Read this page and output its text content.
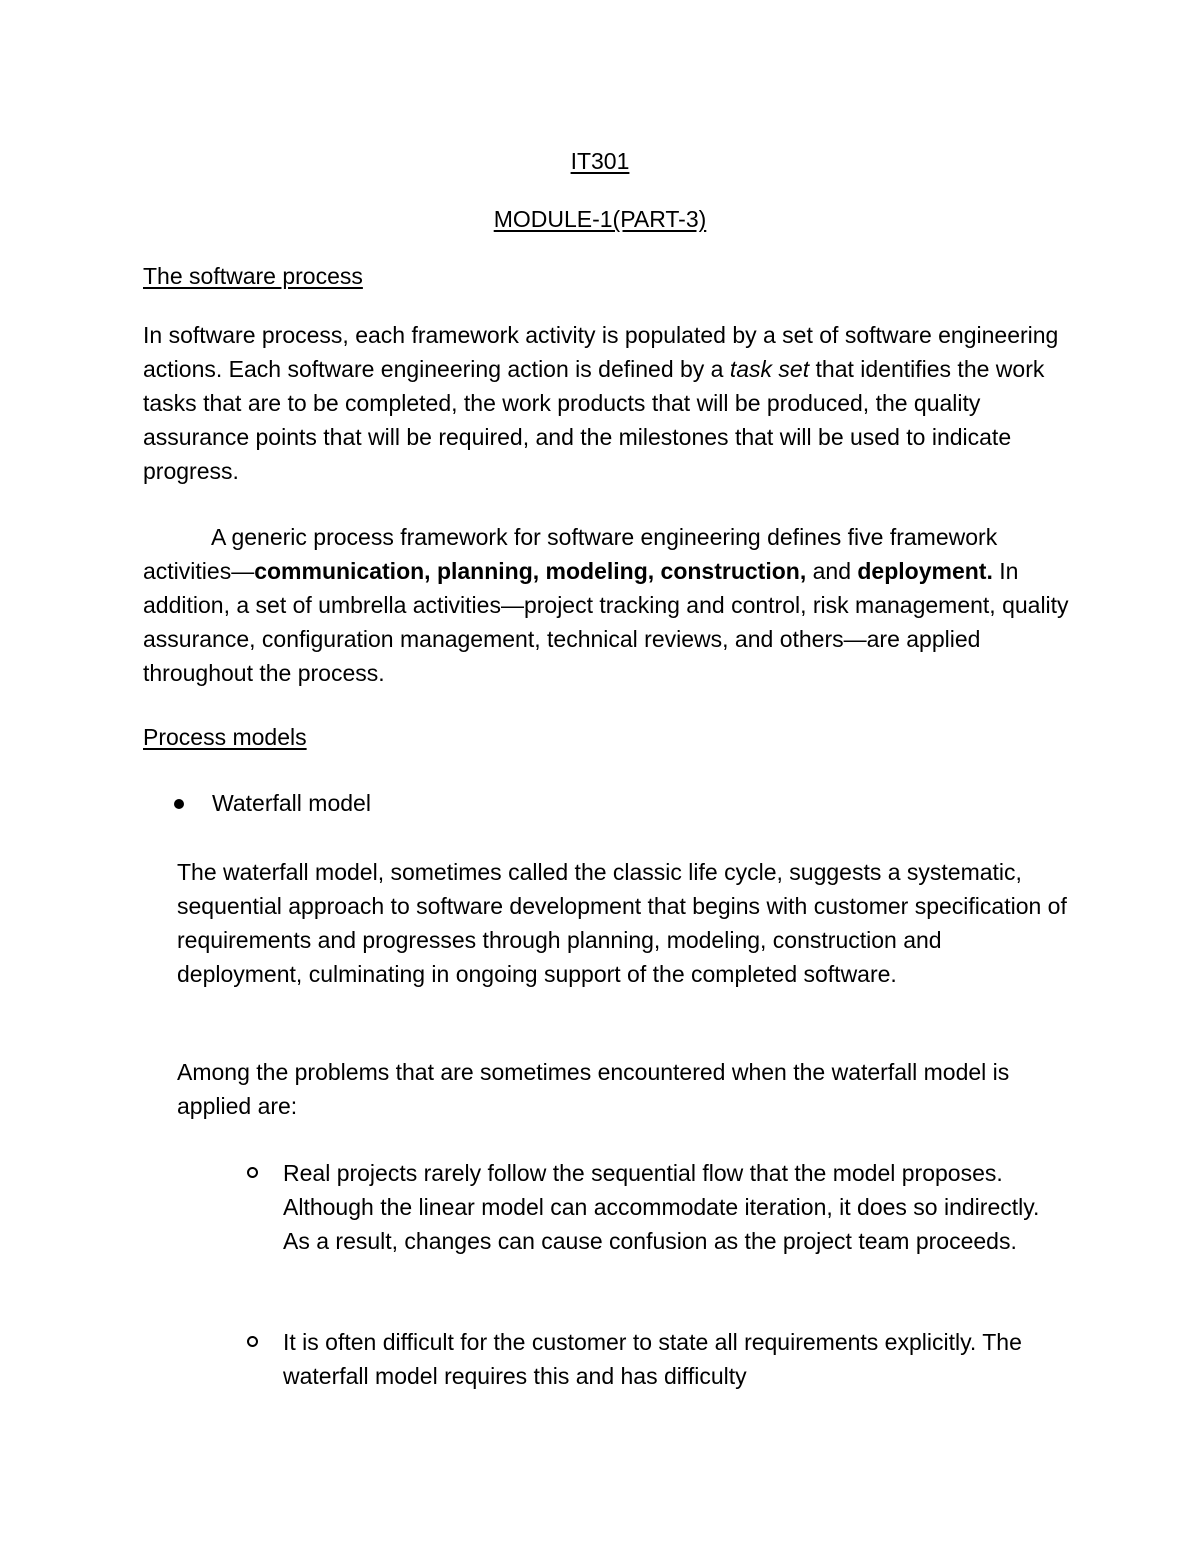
IT301
MODULE-1(PART-3)
The software process

In software process, each framework activity is populated by a set of software engineering actions. Each software engineering action is defined by a task set that identifies the work tasks that are to be completed, the work products that will be produced, the quality assurance points that will be required, and the milestones that will be used to indicate progress.

A generic process framework for software engineering defines five framework activities—communication, planning, modeling, construction, and deployment. In addition, a set of umbrella activities—project tracking and control, risk management, quality assurance, configuration management, technical reviews, and others—are applied throughout the process.

Process models
Waterfall model

The waterfall model, sometimes called the classic life cycle, suggests a systematic, sequential approach to software development that begins with customer specification of requirements and progresses through planning, modeling, construction and deployment, culminating in ongoing support of the completed software.

Among the problems that are sometimes encountered when the waterfall model is applied are:

Real projects rarely follow the sequential flow that the model proposes. Although the linear model can accommodate iteration, it does so indirectly. As a result, changes can cause confusion as the project team proceeds.

It is often difficult for the customer to state all requirements explicitly. The waterfall model requires this and has difficulty
